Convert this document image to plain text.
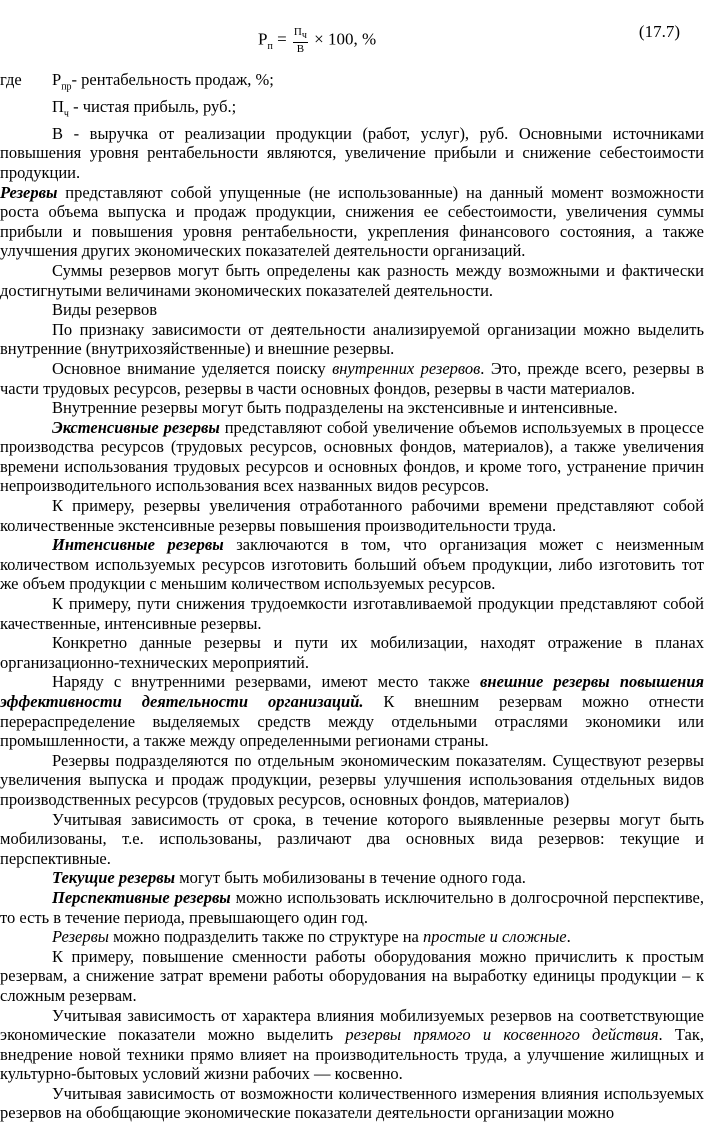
$Р_п = \frac{П_ч}{В} \times 100$, %	(17.7)
где	$Р_{пр}-$ рентабельность продаж, %;

$П_ч$ - чистая прибыль, руб.;

В - выручка от реализации продукции (работ, услуг), руб. Основными источниками повышения уровня рентабельности являются, увеличение прибыли и снижение себестоимости продукции.

Резервы представляют собой упущенные (не использованные) на данный момент возможности роста объема выпуска и продаж продукции, снижения ее себестоимости, увеличения суммы прибыли и повышения уровня рентабельности, укрепления финансового состояния, а также улучшения других экономических показателей деятельности организаций.

Суммы резервов могут быть определены как разность между возможными и фактически достигнутыми величинами экономических показателей деятельности.

Виды резервов

По признаку зависимости от деятельности анализируемой организации можно выделить внутренние (внутрихозяйственные) и внешние резервы.

Основное внимание уделяется поиску внутренних резервов. Это, прежде всего, резервы в части трудовых ресурсов, резервы в части основных фондов, резервы в части материалов.

Внутренние резервы могут быть подразделены на экстенсивные и интенсивные.

Экстенсивные резервы представляют собой увеличение объемов используемых в процессе производства ресурсов (трудовых ресурсов, основных фондов, материалов), а также увеличения времени использования трудовых ресурсов и основных фондов, и кроме того, устранение причин непроизводительного использования всех названных видов ресурсов.

К примеру, резервы увеличения отработанного рабочими времени представляют собой количественные экстенсивные резервы повышения производительности труда.

Интенсивные резервы заключаются в том, что организация может с неизменным количеством используемых ресурсов изготовить больший объем продукции, либо изготовить тот же объем продукции с меньшим количеством используемых ресурсов.

К примеру, пути снижения трудоемкости изготавливаемой продукции представляют собой качественные, интенсивные резервы.

Конкретно данные резервы и пути их мобилизации, находят отражение в планах организационно-технических мероприятий.

Наряду с внутренними резервами, имеют место также внешние резервы повышения эффективности деятельности организаций. К внешним резервам можно отнести перераспределение выделяемых средств между отдельными отраслями экономики или промышленности, а также между определенными регионами страны.

Резервы подразделяются по отдельным экономическим показателям. Существуют резервы увеличения выпуска и продаж продукции, резервы улучшения использования отдельных видов производственных ресурсов (трудовых ресурсов, основных фондов, материалов)

Учитывая зависимость от срока, в течение которого выявленные резервы могут быть мобилизованы, т.е. использованы, различают два основных вида резервов: текущие и перспективные.

Текущие резервы могут быть мобилизованы в течение одного года.

Перспективные резервы можно использовать исключительно в долгосрочной перспективе, то есть в течение периода, превышающего один год.

Резервы можно подразделить также по структуре на простые и сложные.

К примеру, повышение сменности работы оборудования можно причислить к простым резервам, а снижение затрат времени работы оборудования на выработку единицы продукции – к сложным резервам.

Учитывая зависимость от характера влияния мобилизуемых резервов на соответствующие экономические показатели можно выделить резервы прямого и косвенного действия. Так, внедрение новой техники прямо влияет на производительность труда, а улучшение жилищных и культурно-бытовых условий жизни рабочих — косвенно.

Учитывая зависимость от возможности количественного измерения влияния используемых резервов на обобщающие экономические показатели деятельности организации можно
